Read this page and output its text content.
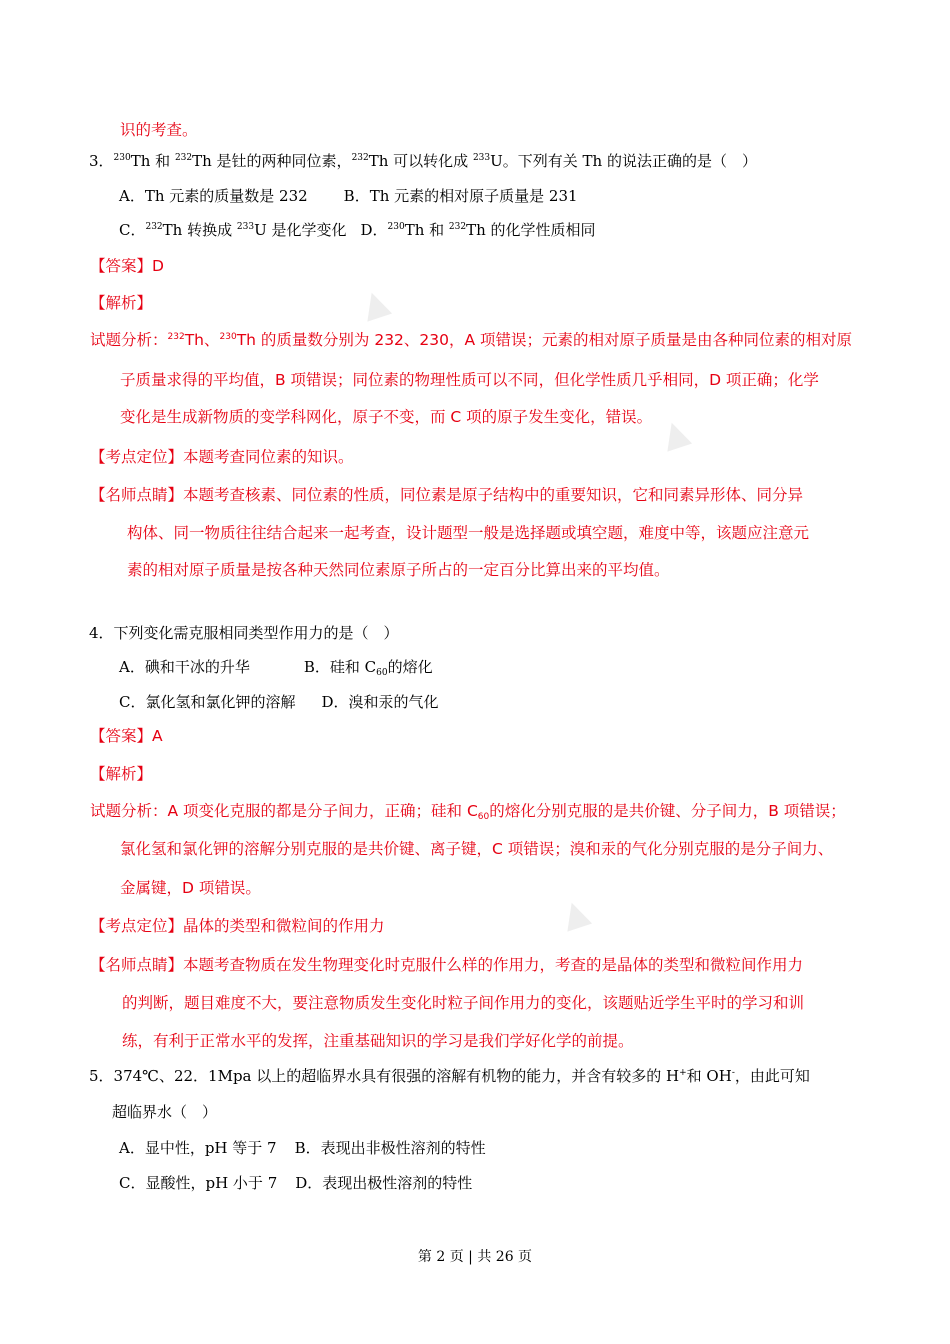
▲　
▲　
▲　
识的考查。
3．$^{230}$Th 和 $^{232}$Th 是钍的两种同位素，$^{232}$Th 可以转化成 $^{233}$U。下列有关 Th 的说法正确的是（　）
A．Th 元素的质量数是 232 B．Th 元素的相对原子质量是 231
C．$^{232}$Th 转换成 $^{233}$U 是化学变化 D．$^{230}$Th 和 $^{232}$Th 的化学性质相同
【答案】D
【解析】
试题分析：$^{232}$Th、$^{230}$Th 的质量数分别为 232、230，A 项错误；元素的相对原子质量是由各种同位素的相对原
子质量求得的平均值，B 项错误；同位素的物理性质可以不同，但化学性质几乎相同，D 项正确；化学
变化是生成新物质的变学科网化，原子不变，而 C 项的原子发生变化，错误。
【考点定位】本题考查同位素的知识。
【名师点睛】本题考查核素、同位素的性质，同位素是原子结构中的重要知识，它和同素异形体、同分异
构体、同一物质往往结合起来一起考查，设计题型一般是选择题或填空题，难度中等，该题应注意元
素的相对原子质量是按各种天然同位素原子所占的一定百分比算出来的平均值。
4．下列变化需克服相同类型作用力的是（　）
A．碘和干冰的升华	B．硅和 $C_{60}$的熔化
C．氯化氢和氯化钾的溶解 D．溴和汞的气化
【答案】A
【解析】
试题分析：A 项变化克服的都是分子间力，正确；硅和 $C_{60}$的熔化分别克服的是共价键、分子间力，B 项错误；
氯化氢和氯化钾的溶解分别克服的是共价键、离子键，C 项错误；溴和汞的气化分别克服的是分子间力、
金属键，D 项错误。
【考点定位】晶体的类型和微粒间的作用力
【名师点睛】本题考查物质在发生物理变化时克服什么样的作用力，考查的是晶体的类型和微粒间作用力
的判断，题目难度不大，要注意物质发生变化时粒子间作用力的变化，该题贴近学生平时的学习和训
练，有利于正常水平的发挥，注重基础知识的学习是我们学好化学的前提。
5．374℃、22．1Mpa 以上的超临界水具有很强的溶解有机物的能力，并含有较多的 H+和 OH-，由此可知
超临界水（　）
A．显中性，pH 等于 7 B．表现出非极性溶剂的特性
C．显酸性，pH 小于 7 D．表现出极性溶剂的特性
第 2 页 | 共 26 页
